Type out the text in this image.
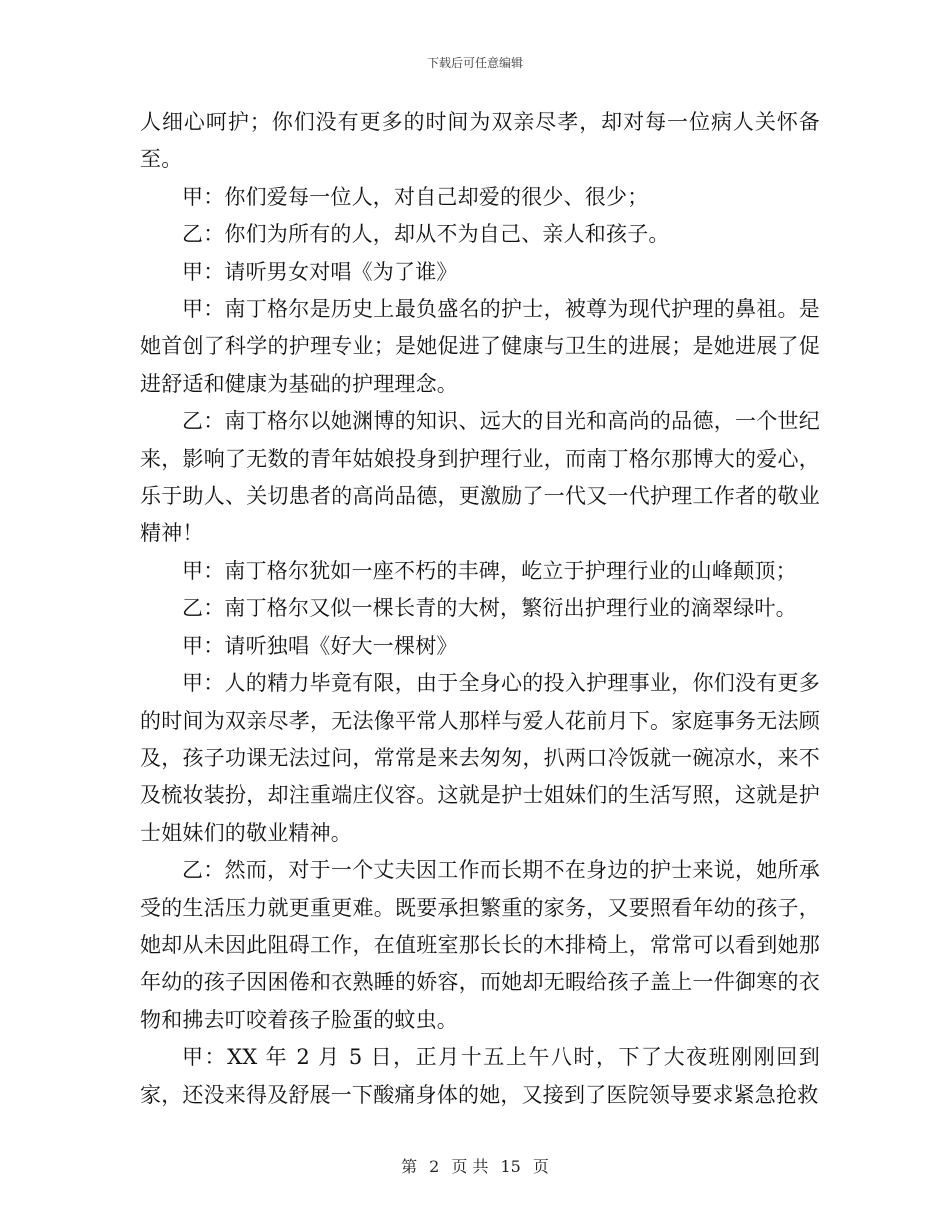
下载后可任意编辑

人细心呵护；你们没有更多的时间为双亲尽孝，却对每一位病人关怀备至。

甲：你们爱每一位人，对自己却爱的很少、很少；

乙：你们为所有的人，却从不为自己、亲人和孩子。

甲：请听男女对唱《为了谁》

甲：南丁格尔是历史上最负盛名的护士，被尊为现代护理的鼻祖。是她首创了科学的护理专业；是她促进了健康与卫生的进展；是她进展了促进舒适和健康为基础的护理理念。

乙：南丁格尔以她渊博的知识、远大的目光和高尚的品德，一个世纪来，影响了无数的青年姑娘投身到护理行业，而南丁格尔那博大的爱心，乐于助人、关切患者的高尚品德，更激励了一代又一代护理工作者的敬业精神！

甲：南丁格尔犹如一座不朽的丰碑，屹立于护理行业的山峰颠顶；

乙：南丁格尔又似一棵长青的大树，繁衍出护理行业的滴翠绿叶。

甲：请听独唱《好大一棵树》

甲：人的精力毕竟有限，由于全身心的投入护理事业，你们没有更多的时间为双亲尽孝，无法像平常人那样与爱人花前月下。家庭事务无法顾及，孩子功课无法过问，常常是来去匆匆，扒两口冷饭就一碗凉水，来不及梳妆装扮，却注重端庄仪容。这就是护士姐妹们的生活写照，这就是护士姐妹们的敬业精神。

乙：然而，对于一个丈夫因工作而长期不在身边的护士来说，她所承受的生活压力就更重更难。既要承担繁重的家务，又要照看年幼的孩子，她却从未因此阻碍工作，在值班室那长长的木排椅上，常常可以看到她那年幼的孩子因困倦和衣熟睡的娇容，而她却无暇给孩子盖上一件御寒的衣物和拂去叮咬着孩子脸蛋的蚊虫。

甲：XX 年 2 月 5 日，正月十五上午八时，下了大夜班刚刚回到家，还没来得及舒展一下酸痛身体的她，又接到了医院领导要求紧急抢救

第 2 页 共 15 页
